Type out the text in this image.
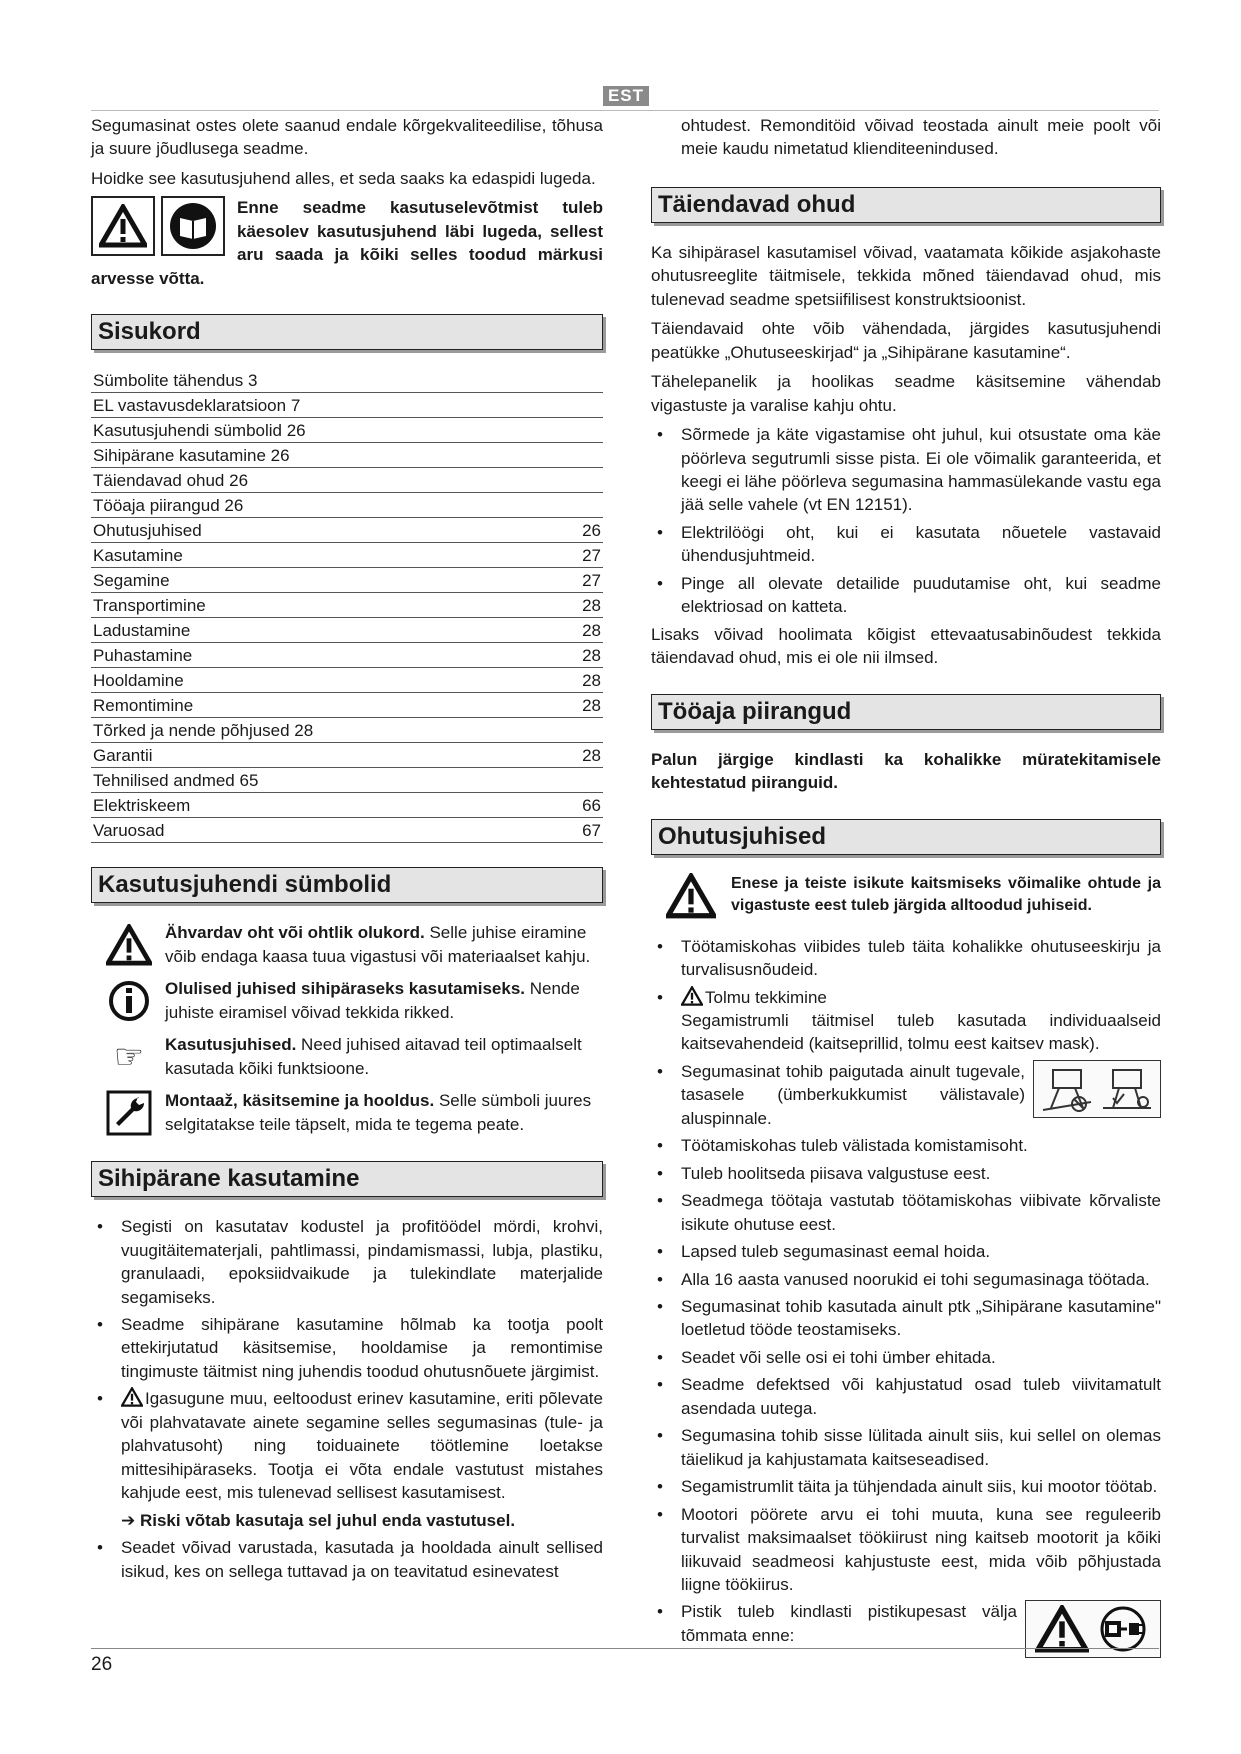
EST

Segumasinat ostes olete saanud endale kõrgekvaliteedilise, tõhusa ja suure jõudlusega seadme.

Hoidke see kasutusjuhend alles, et seda saaks ka edaspidi lugeda.

Enne seadme kasutuselevõtmist tuleb käesolev kasutusjuhend läbi lugeda, sellest aru saada ja kõiki selles toodud märkusi arvesse võtta.

Sisukord
Sümbolite tähendus 3
EL vastavusdeklaratsioon 7
Kasutusjuhendi sümbolid 26
Sihipärane kasutamine 26
Täiendavad ohud 26
Tööaja piirangud 26
Ohutusjuhised	26
Kasutamine	27
Segamine	27
Transportimine	28
Ladustamine	28
Puhastamine	28
Hooldamine	28
Remontimine	28
Tõrked ja nende põhjused 28
Garantii	28
Tehnilised andmed 65
Elektriskeem	66
Varuosad	67
Kasutusjuhendi sümbolid
Ähvardav oht või ohtlik olukord. Selle juhise eiramine võib endaga kaasa tuua vigastusi või materiaalset kahju.
Olulised juhised sihipäraseks kasutamiseks. Nende juhiste eiramisel võivad tekkida rikked.
☞	Kasutusjuhised. Need juhised aitavad teil optimaalselt kasutada kõiki funktsioone.
Montaaž, käsitsemine ja hooldus. Selle sümboli juures selgitatakse teile täpselt, mida te tegema peate.
Sihipärane kasutamine
• Segisti on kasutatav kodustel ja profitöödel mördi, krohvi, vuugitäitematerjali, pahtlimassi, pindamismassi, lubja, plastiku, granulaadi, epoksiidvaikude ja tulekindlate materjalide segamiseks.
• Seadme sihipärane kasutamine hõlmab ka tootja poolt ettekirjutatud käsitsemise, hooldamise ja remontimise tingimuste täitmist ning juhendis toodud ohutusnõuete järgimist.
• Igasugune muu, eeltoodust erinev kasutamine, eriti põlevate või plahvatavate ainete segamine selles segumasinas (tule- ja plahvatusoht) ning toiduainete töötlemine loetakse mittesihipäraseks. Tootja ei võta endale vastutust mistahes kahjude eest, mis tulenevad sellisest kasutamisest.
➔ Riski võtab kasutaja sel juhul enda vastutusel.
• Seadet võivad varustada, kasutada ja hooldada ainult sellised isikud, kes on sellega tuttavad ja on teavitatud esinevatest

ohtudest. Remonditöid võivad teostada ainult meie poolt või meie kaudu nimetatud klienditeenindused.

Täiendavad ohud

Ka sihipärasel kasutamisel võivad, vaatamata kõikide asjakohaste ohutusreeglite täitmisele, tekkida mõned täiendavad ohud, mis tulenevad seadme spetsiifilisest konstruktsioonist.

Täiendavaid ohte võib vähendada, järgides kasutusjuhendi peatükke „Ohutuseeskirjad“ ja „Sihipärane kasutamine“.

Tähelepanelik ja hoolikas seadme käsitsemine vähendab vigastuste ja varalise kahju ohtu.

• Sõrmede ja käte vigastamise oht juhul, kui otsustate oma käe pöörleva segutrumli sisse pista. Ei ole võimalik garanteerida, et keegi ei lähe pöörleva segumasina hammasülekande vastu ega jää selle vahele (vt EN 12151).
• Elektrilöögi oht, kui ei kasutata nõuetele vastavaid ühendusjuhtmeid.
• Pinge all olevate detailide puudutamise oht, kui seadme elektriosad on katteta.

Lisaks võivad hoolimata kõigist ettevaatusabinõudest tekkida täiendavad ohud, mis ei ole nii ilmsed.

Tööaja piirangud

Palun järgige kindlasti ka kohalikke müratekitamisele kehtestatud piiranguid.

Ohutusjuhised

Enese ja teiste isikute kaitsmiseks võimalike ohtude ja vigastuste eest tuleb järgida alltoodud juhiseid.

• Töötamiskohas viibides tuleb täita kohalikke ohutuseeskirju ja turvalisusnõudeid.
• Tolmu tekkimine
Segamistrumli täitmisel tuleb kasutada individuaalseid kaitsevahendeid (kaitseprillid, tolmu eest kaitsev mask).
• Segumasinat tohib paigutada ainult tugevale, tasasele (ümberkukkumist välistavale) aluspinnale.
• Töötamiskohas tuleb välistada komistamisoht.
• Tuleb hoolitseda piisava valgustuse eest.
• Seadmega töötaja vastutab töötamiskohas viibivate kõrvaliste isikute ohutuse eest.
• Lapsed tuleb segumasinast eemal hoida.
• Alla 16 aasta vanused noorukid ei tohi segumasinaga töötada.
• Segumasinat tohib kasutada ainult ptk „Sihipärane kasutamine" loetletud tööde teostamiseks.
• Seadet või selle osi ei tohi ümber ehitada.
• Seadme defektsed või kahjustatud osad tuleb viivitamatult asendada uutega.
• Segumasina tohib sisse lülitada ainult siis, kui sellel on olemas täielikud ja kahjustamata kaitseseadised.
• Segamistrumlit täita ja tühjendada ainult siis, kui mootor töötab.
• Mootori pöörete arvu ei tohi muuta, kuna see reguleerib turvalist maksimaalset töökiirust ning kaitseb mootorit ja kõiki liikuvaid seadmeosi kahjustuste eest, mida võib põhjustada liigne töökiirus.
• Pistik tuleb kindlasti pistikupesast välja tõmmata enne:
26
